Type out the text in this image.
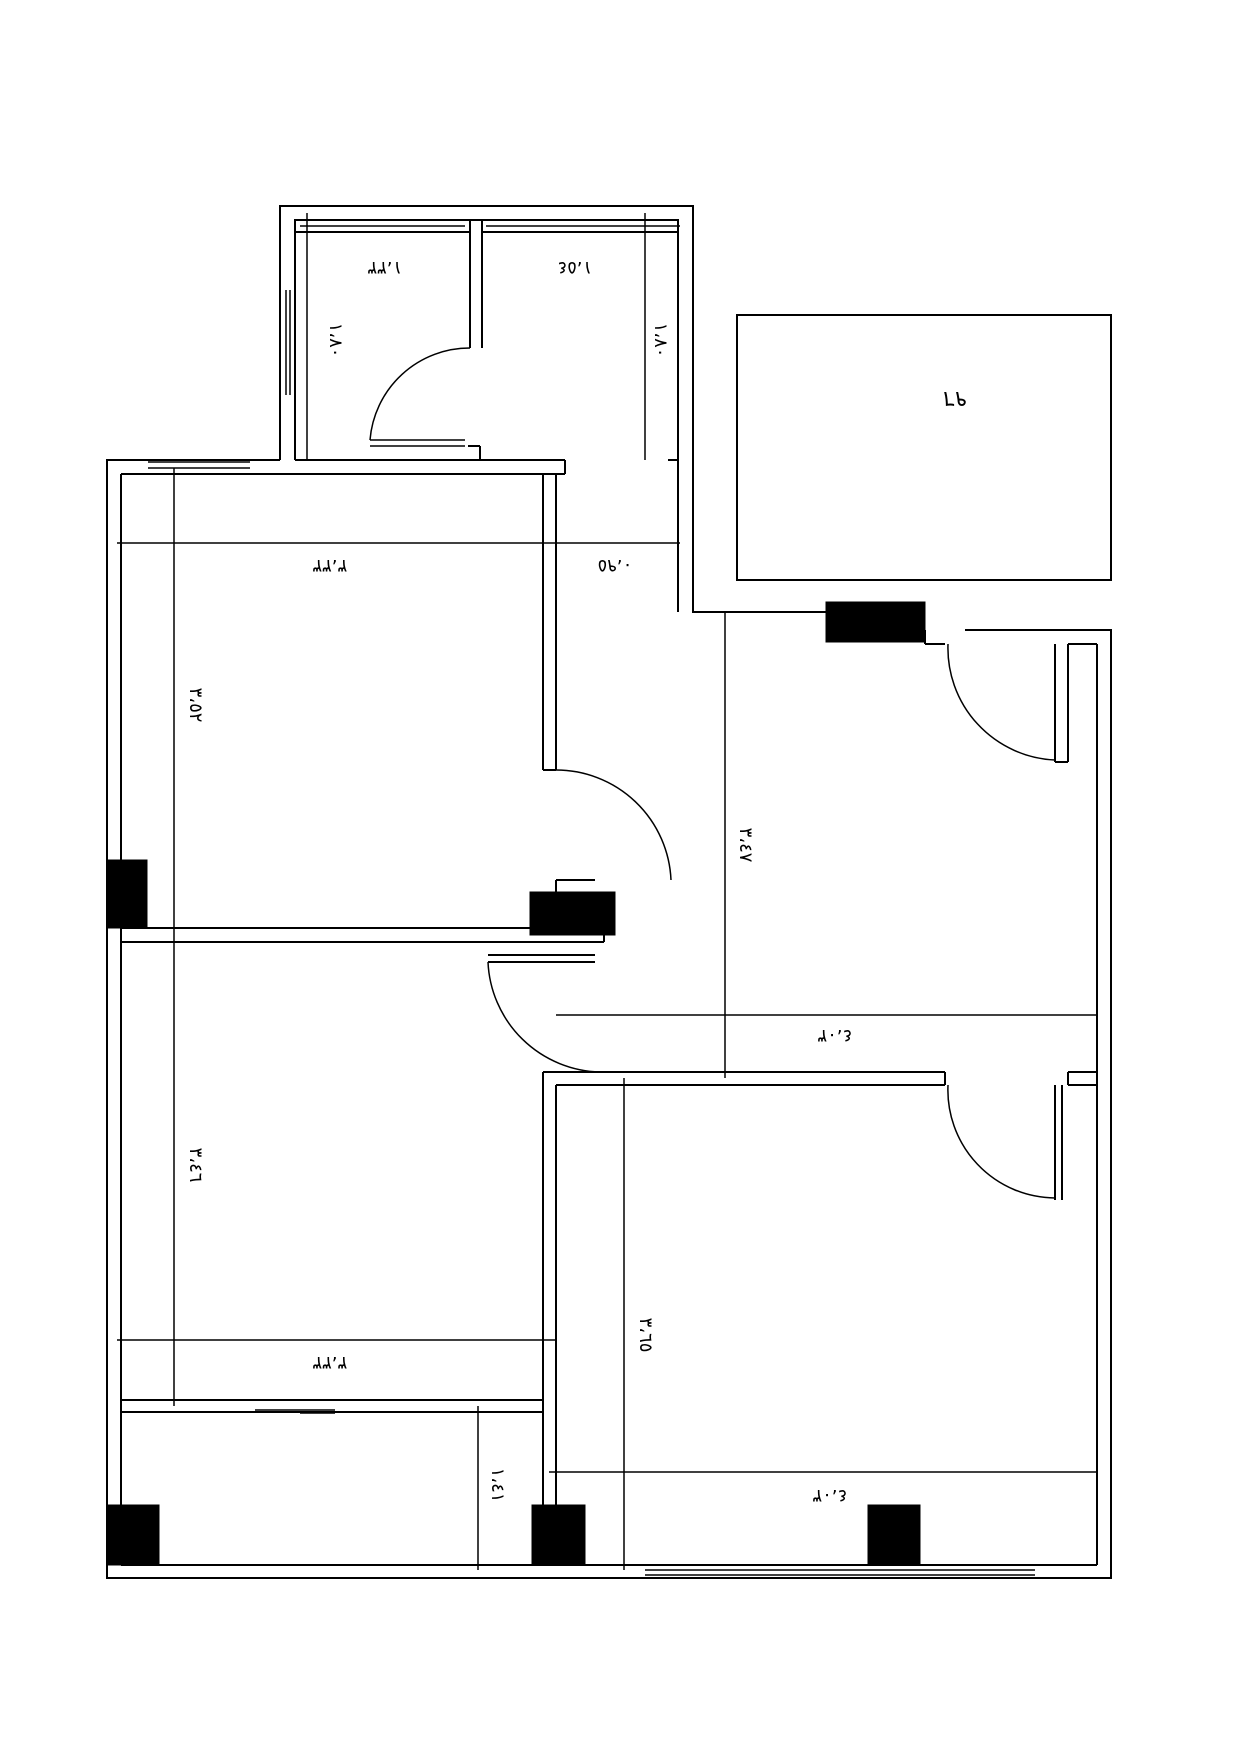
١،٣٣
١،٨٠
١،٥٤
١،٨٠
٣،٣٣
٣،٥٢
٠،٩٥
٣،٤٧
٤،٠٣
٣،٤٦
٣،٣٣
٣،٦٥
٤،٠٣
١،٤١
٩٦
